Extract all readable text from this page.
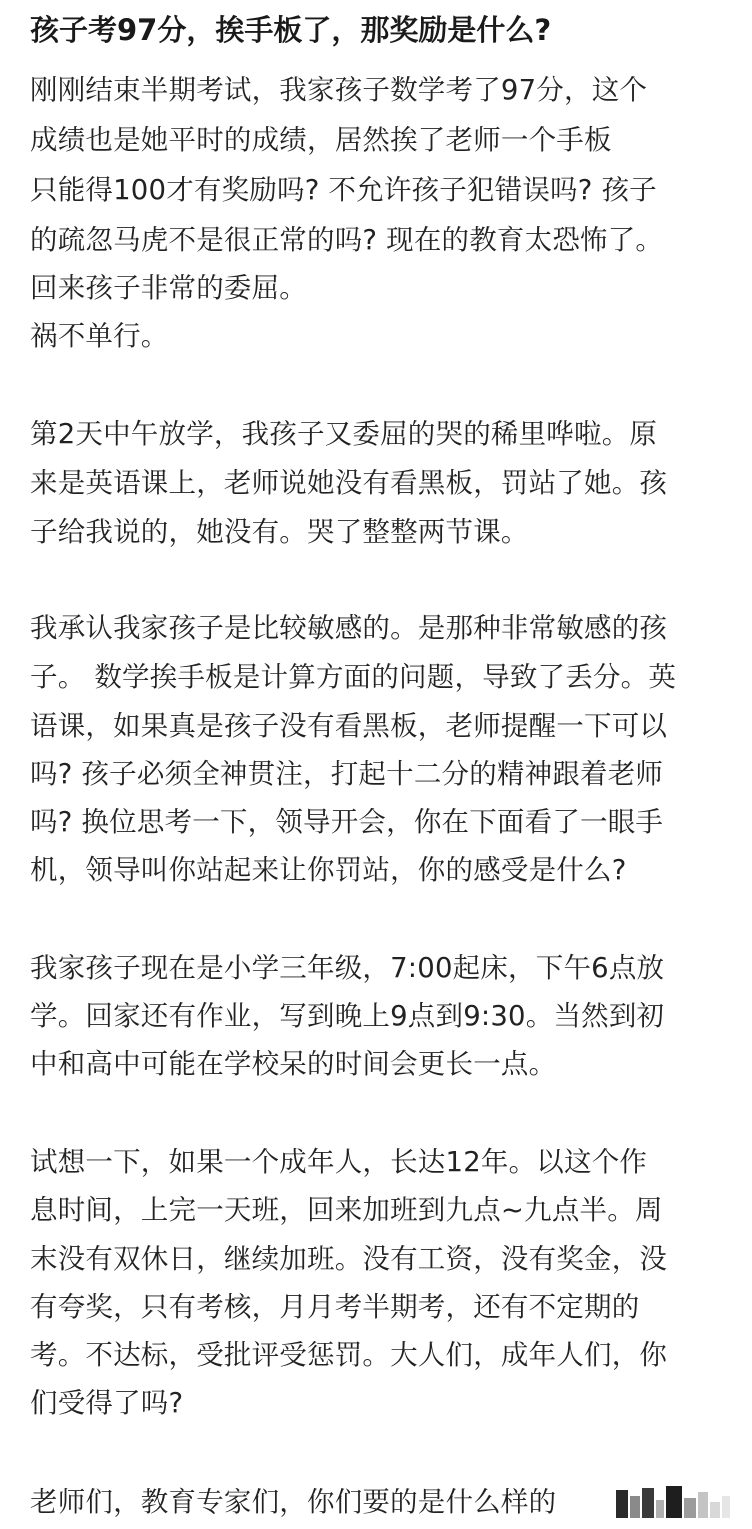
孩子考97分，挨手板了，那奖励是什么?
刚刚结束半期考试，我家孩子数学考了97分，这个
成绩也是她平时的成绩，居然挨了老师一个手板
只能得100才有奖励吗? 不允许孩子犯错误吗? 孩子
的疏忽马虎不是很正常的吗? 现在的教育太恐怖了。
回来孩子非常的委屈。
祸不单行。
第2天中午放学，我孩子又委屈的哭的稀里哗啦。原
来是英语课上，老师说她没有看黑板，罚站了她。孩
子给我说的，她没有。哭了整整两节课。
我承认我家孩子是比较敏感的。是那种非常敏感的孩
子。 数学挨手板是计算方面的问题，导致了丢分。英
语课，如果真是孩子没有看黑板，老师提醒一下可以
吗? 孩子必须全神贯注，打起十二分的精神跟着老师
吗? 换位思考一下，领导开会，你在下面看了一眼手
机，领导叫你站起来让你罚站，你的感受是什么?
我家孩子现在是小学三年级，7:00起床，下午6点放
学。回家还有作业，写到晚上9点到9:30。当然到初
中和高中可能在学校呆的时间会更长一点。
试想一下，如果一个成年人，长达12年。以这个作
息时间，上完一天班，回来加班到九点~九点半。周
末没有双休日，继续加班。没有工资，没有奖金，没
有夸奖，只有考核，月月考半期考，还有不定期的
考。不达标，受批评受惩罚。大人们，成年人们，你
们受得了吗?
老师们，教育专家们，你们要的是什么样的
